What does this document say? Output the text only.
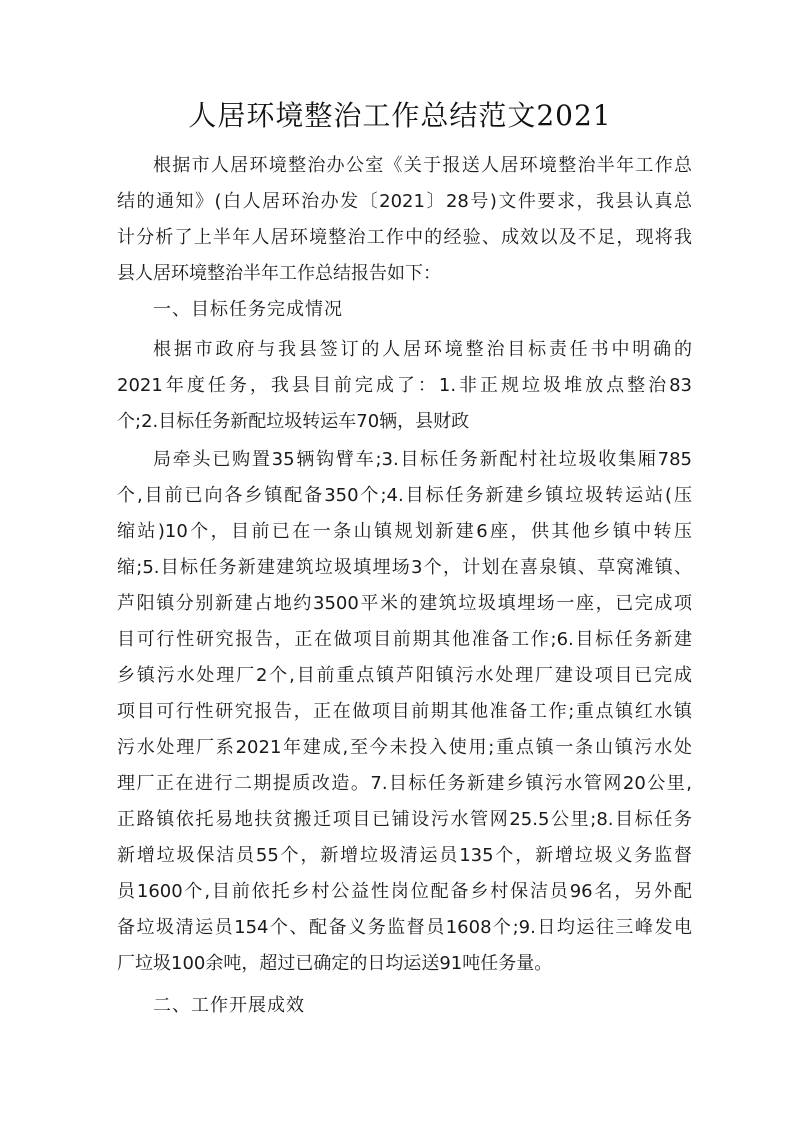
人居环境整治工作总结范文2021
根据市人居环境整治办公室《关于报送人居环境整治半年工作总
结的通知》(白人居环治办发〔2021〕28号)文件要求，我县认真总
计分析了上半年人居环境整治工作中的经验、成效以及不足，现将我
县人居环境整治半年工作总结报告如下：
一、目标任务完成情况
根据市政府与我县签订的人居环境整治目标责任书中明确的
2021年度任务，我县目前完成了：1.非正规垃圾堆放点整治83
个;2.目标任务新配垃圾转运车70辆，县财政
局牵头已购置35辆钩臂车;3.目标任务新配村社垃圾收集厢785
个,目前已向各乡镇配备350个;4.目标任务新建乡镇垃圾转运站(压
缩站)10个，目前已在一条山镇规划新建6座，供其他乡镇中转压
缩;5.目标任务新建建筑垃圾填埋场3个，计划在喜泉镇、草窝滩镇、
芦阳镇分别新建占地约3500平米的建筑垃圾填埋场一座，已完成项
目可行性研究报告，正在做项目前期其他准备工作;6.目标任务新建
乡镇污水处理厂2个,目前重点镇芦阳镇污水处理厂建设项目已完成
项目可行性研究报告，正在做项目前期其他准备工作;重点镇红水镇
污水处理厂系2021年建成,至今未投入使用;重点镇一条山镇污水处
理厂正在进行二期提质改造。7.目标任务新建乡镇污水管网20公里,
正路镇依托易地扶贫搬迁项目已铺设污水管网25.5公里;8.目标任务
新增垃圾保洁员55个，新增垃圾清运员135个，新增垃圾义务监督
员1600个,目前依托乡村公益性岗位配备乡村保洁员96名，另外配
备垃圾清运员154个、配备义务监督员1608个;9.日均运往三峰发电
厂垃圾100余吨，超过已确定的日均运送91吨任务量。
二、工作开展成效
